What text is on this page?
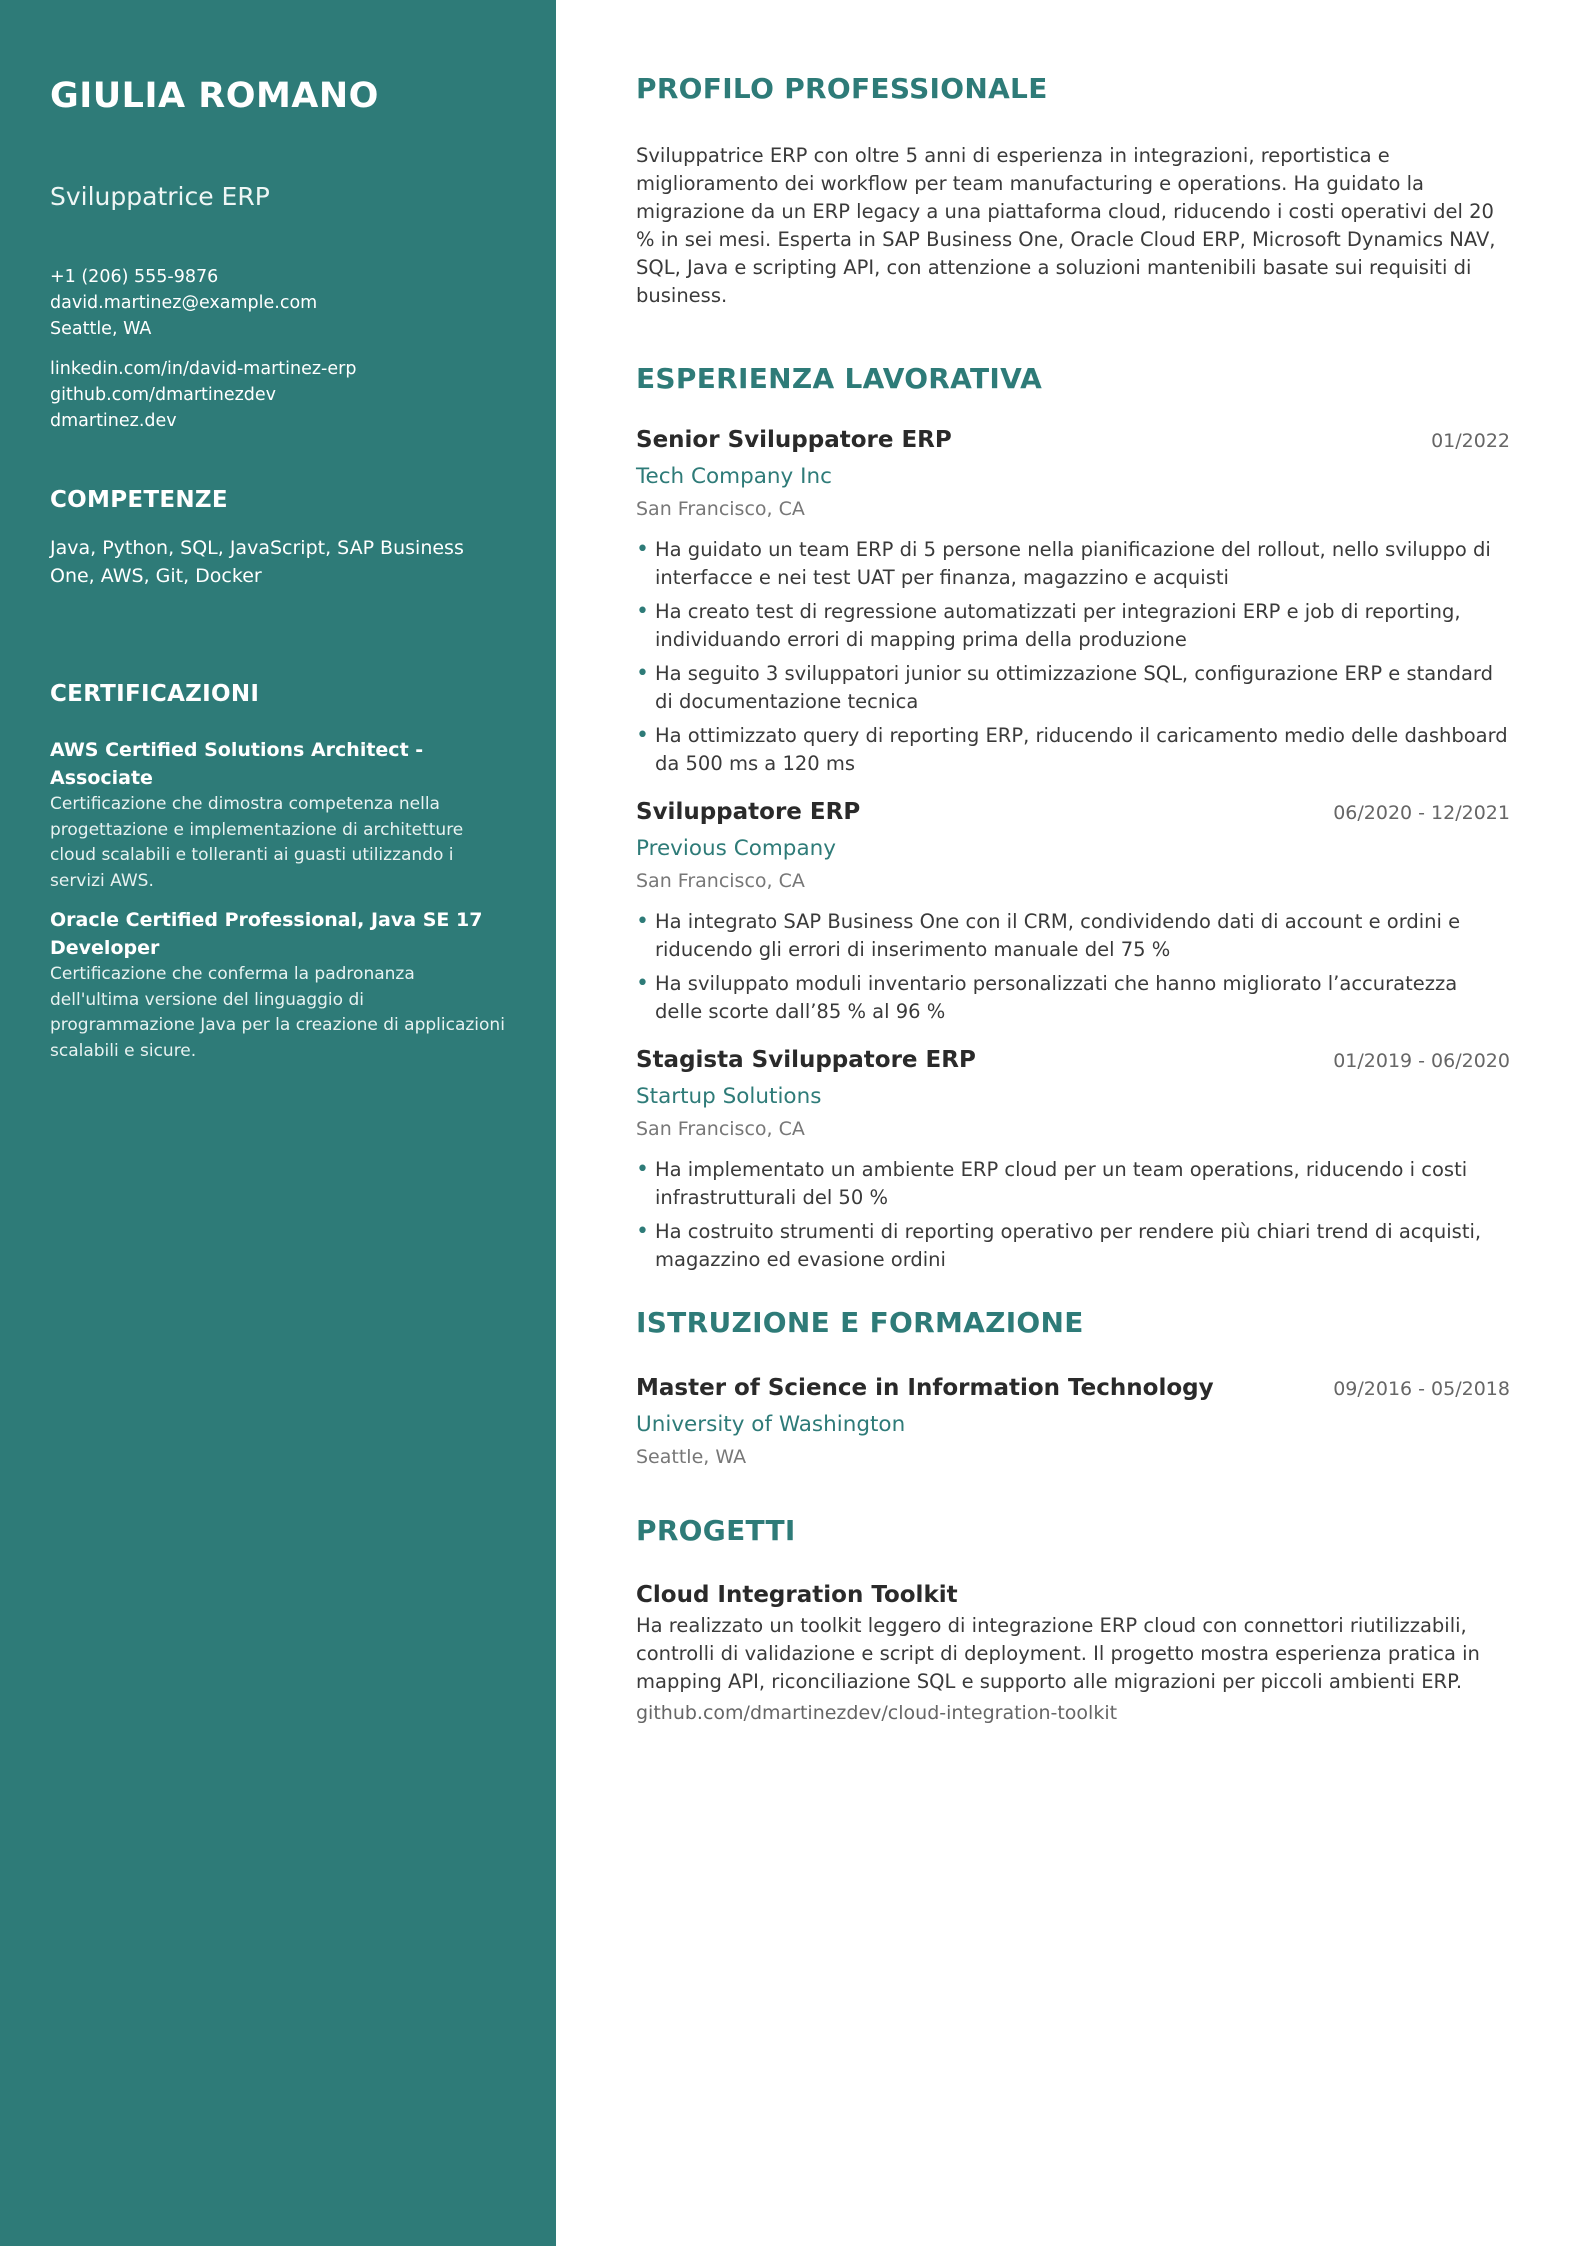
GIULIA ROMANO
Sviluppatrice ERP
+1 (206) 555-9876
david.martinez@example.com
Seattle, WA
linkedin.com/in/david-martinez-erp
github.com/dmartinezdev
dmartinez.dev
COMPETENZE
Java, Python, SQL, JavaScript, SAP Business One, AWS, Git, Docker
CERTIFICAZIONI
AWS Certified Solutions Architect - Associate
Certificazione che dimostra competenza nella progettazione e implementazione di architetture cloud scalabili e tolleranti ai guasti utilizzando i servizi AWS.
Oracle Certified Professional, Java SE 17 Developer
Certificazione che conferma la padronanza dell'ultima versione del linguaggio di programmazione Java per la creazione di applicazioni scalabili e sicure.
PROFILO PROFESSIONALE

Sviluppatrice ERP con oltre 5 anni di esperienza in integrazioni, reportistica e miglioramento dei workflow per team manufacturing e operations. Ha guidato la migrazione da un ERP legacy a una piattaforma cloud, riducendo i costi operativi del 20 % in sei mesi. Esperta in SAP Business One, Oracle Cloud ERP, Microsoft Dynamics NAV, SQL, Java e scripting API, con attenzione a soluzioni mantenibili basate sui requisiti di business.

ESPERIENZA LAVORATIVA
Senior Sviluppatore ERP	01/2022
Tech Company Inc
San Francisco, CA
• Ha guidato un team ERP di 5 persone nella pianificazione del rollout, nello sviluppo di interfacce e nei test UAT per finanza, magazzino e acquisti
• Ha creato test di regressione automatizzati per integrazioni ERP e job di reporting, individuando errori di mapping prima della produzione
• Ha seguito 3 sviluppatori junior su ottimizzazione SQL, configurazione ERP e standard di documentazione tecnica
• Ha ottimizzato query di reporting ERP, riducendo il caricamento medio delle dashboard da 500 ms a 120 ms
Sviluppatore ERP	06/2020 - 12/2021
Previous Company
San Francisco, CA
• Ha integrato SAP Business One con il CRM, condividendo dati di account e ordini e riducendo gli errori di inserimento manuale del 75 %
• Ha sviluppato moduli inventario personalizzati che hanno migliorato l’accuratezza delle scorte dall’85 % al 96 %
Stagista Sviluppatore ERP	01/2019 - 06/2020
Startup Solutions
San Francisco, CA
• Ha implementato un ambiente ERP cloud per un team operations, riducendo i costi infrastrutturali del 50 %
• Ha costruito strumenti di reporting operativo per rendere più chiari trend di acquisti, magazzino ed evasione ordini
ISTRUZIONE E FORMAZIONE
Master of Science in Information Technology	09/2016 - 05/2018
University of Washington
Seattle, WA
PROGETTI
Cloud Integration Toolkit
Ha realizzato un toolkit leggero di integrazione ERP cloud con connettori riutilizzabili, controlli di validazione e script di deployment. Il progetto mostra esperienza pratica in mapping API, riconciliazione SQL e supporto alle migrazioni per piccoli ambienti ERP.
github.com/dmartinezdev/cloud-integration-toolkit
